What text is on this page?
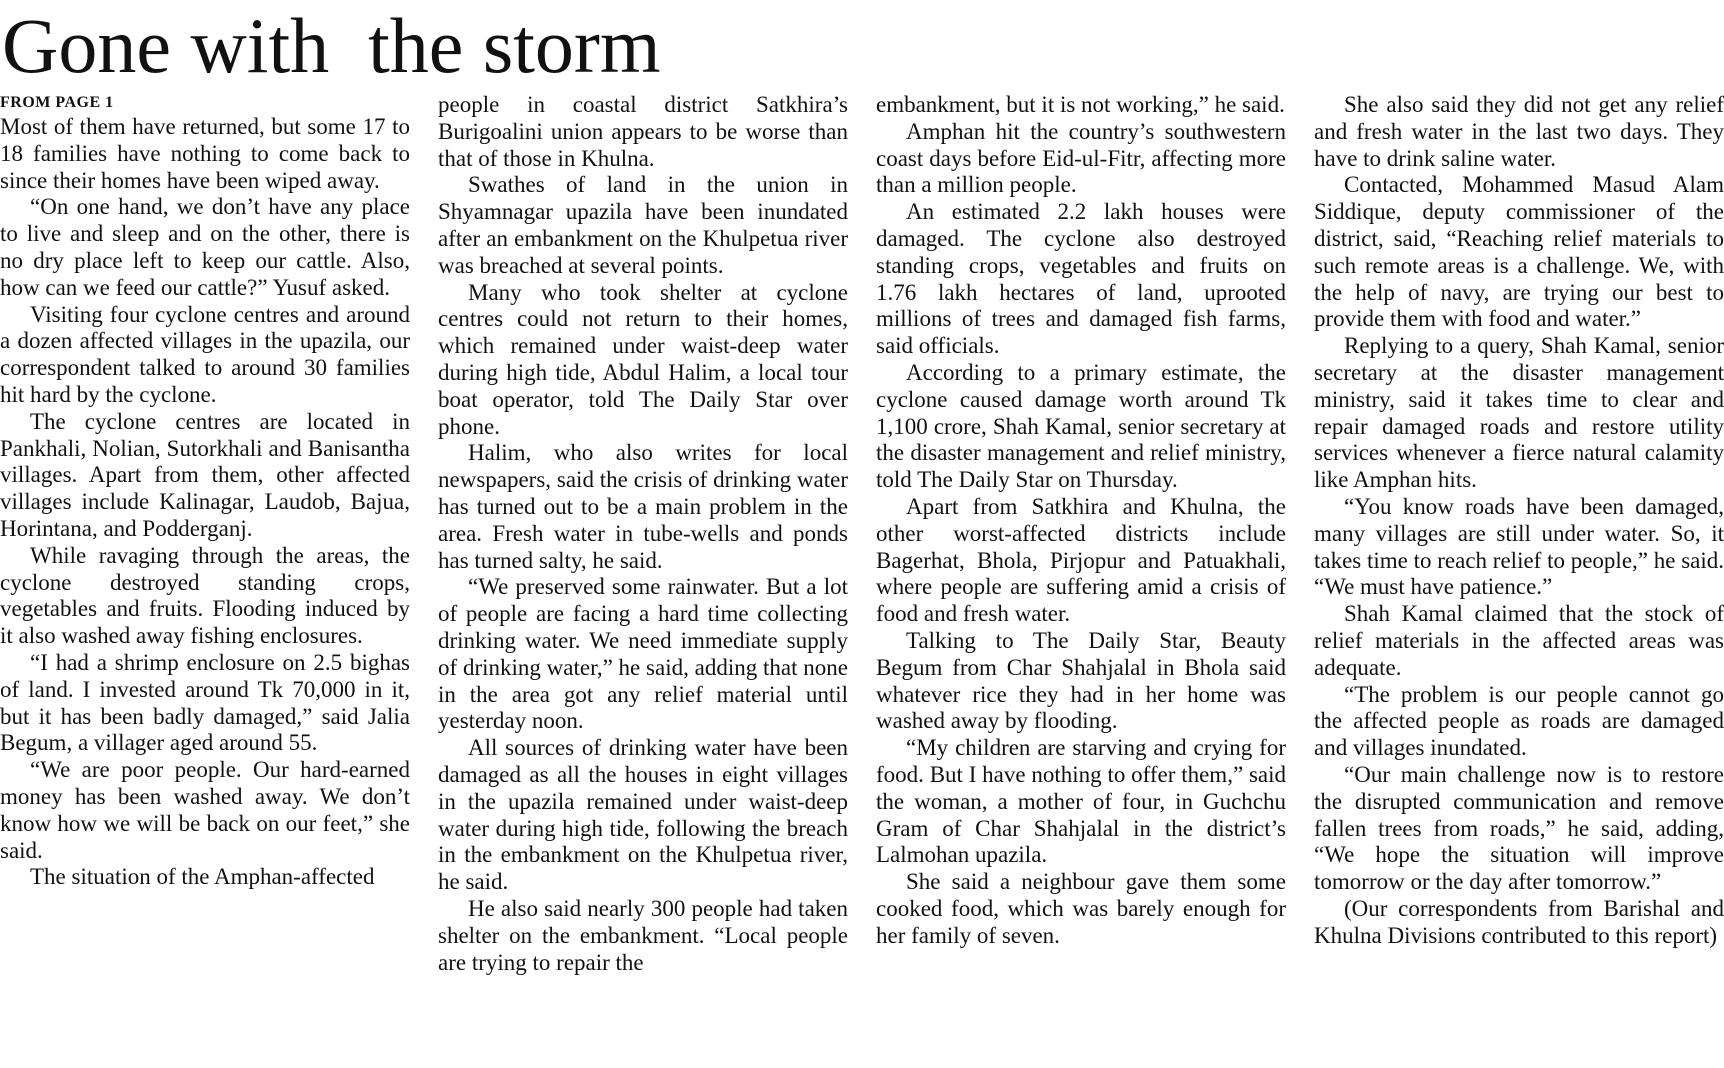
Gone with  the storm
FROM PAGE 1

Most of them have returned, but some 17 to 18 families have nothing to come back to since their homes have been wiped away.

“On one hand, we don’t have any place to live and sleep and on the other, there is no dry place left to keep our cattle. Also, how can we feed our cattle?” Yusuf asked.

Visiting four cyclone centres and around a dozen affected villages in the upazila, our correspondent talked to around 30 families hit hard by the cyclone.

The cyclone centres are located in Pankhali, Nolian, Sutorkhali and Banisantha villages. Apart from them, other affected villages include Kalinagar, Laudob, Bajua, Horintana, and Podderganj.

While ravaging through the areas, the cyclone destroyed standing crops, vegetables and fruits. Flooding induced by it also washed away fishing enclosures.

“I had a shrimp enclosure on 2.5 bighas of land. I invested around Tk 70,000 in it, but it has been badly damaged,” said Jalia Begum, a villager aged around 55.

“We are poor people. Our hard-earned money has been washed away. We don’t know how we will be back on our feet,” she said.

The situation of the Amphan-affected

people in coastal district Satkhira’s Burigoalini union appears to be worse than that of those in Khulna.

Swathes of land in the union in Shyamnagar upazila have been inundated after an embankment on the Khulpetua river was breached at several points.

Many who took shelter at cyclone centres could not return to their homes, which remained under waist-deep water during high tide, Abdul Halim, a local tour boat operator, told The Daily Star over phone.

Halim, who also writes for local newspapers, said the crisis of drinking water has turned out to be a main problem in the area. Fresh water in tube-wells and ponds has turned salty, he said.

“We preserved some rainwater. But a lot of people are facing a hard time collecting drinking water. We need immediate supply of drinking water,” he said, adding that none in the area got any relief material until yesterday noon.

All sources of drinking water have been damaged as all the houses in eight villages in the upazila remained under waist-deep water during high tide, following the breach in the embankment on the Khulpetua river, he said.

He also said nearly 300 people had taken shelter on the embankment. “Local people are trying to repair the

embankment, but it is not working,” he said.

Amphan hit the country’s southwestern coast days before Eid-ul-Fitr, affecting more than a million people.

An estimated 2.2 lakh houses were damaged. The cyclone also destroyed standing crops, vegetables and fruits on 1.76 lakh hectares of land, uprooted millions of trees and damaged fish farms, said officials.

According to a primary estimate, the cyclone caused damage worth around Tk 1,100 crore, Shah Kamal, senior secretary at the disaster management and relief ministry, told The Daily Star on Thursday.

Apart from Satkhira and Khulna, the other worst-affected districts include Bagerhat, Bhola, Pirjopur and Patuakhali, where people are suffering amid a crisis of food and fresh water.

Talking to The Daily Star, Beauty Begum from Char Shahjalal in Bhola said whatever rice they had in her home was washed away by flooding.

“My children are starving and crying for food. But I have nothing to offer them,” said the woman, a mother of four, in Guchchu Gram of Char Shahjalal in the district’s Lalmohan upazila.

She said a neighbour gave them some cooked food, which was barely enough for her family of seven.

She also said they did not get any relief and fresh water in the last two days. They have to drink saline water.

Contacted, Mohammed Masud Alam Siddique, deputy commissioner of the district, said, “Reaching relief materials to such remote areas is a challenge. We, with the help of navy, are trying our best to provide them with food and water.”

Replying to a query, Shah Kamal, senior secretary at the disaster management ministry, said it takes time to clear and repair damaged roads and restore utility services whenever a fierce natural calamity like Amphan hits.

“You know roads have been damaged, many villages are still under water. So, it takes time to reach relief to people,” he said. “We must have patience.”

Shah Kamal claimed that the stock of relief materials in the affected areas was adequate.

“The problem is our people cannot go the affected people as roads are damaged and villages inundated.

“Our main challenge now is to restore the disrupted communication and remove fallen trees from roads,” he said, adding, “We hope the situation will improve tomorrow or the day after tomorrow.”

(Our correspondents from Barishal and Khulna Divisions contributed to this report)
